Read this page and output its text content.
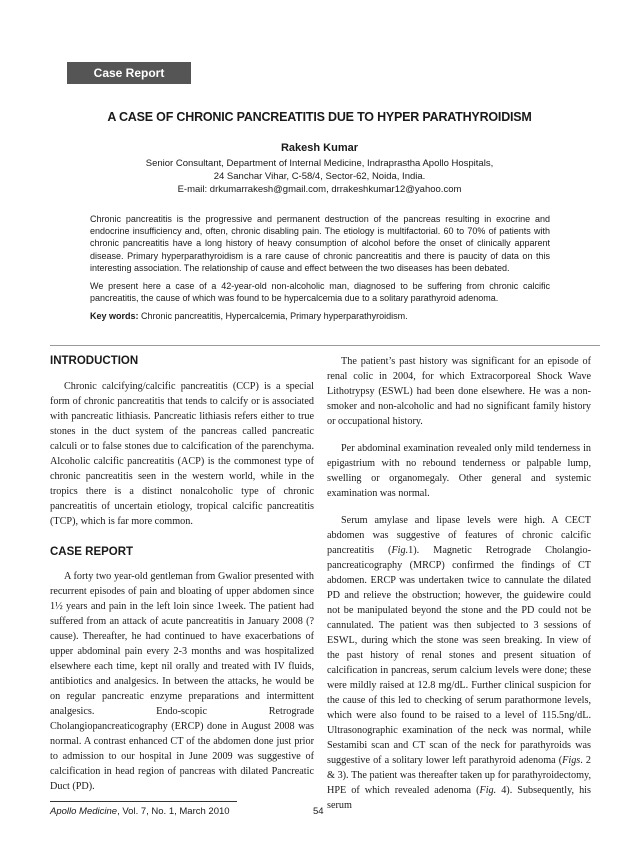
Case Report
A CASE OF CHRONIC PANCREATITIS DUE TO HYPER PARATHYROIDISM
Rakesh Kumar
Senior Consultant, Department of Internal Medicine, Indraprastha Apollo Hospitals,
24 Sanchar Vihar, C-58/4, Sector-62, Noida, India.
E-mail: drkumarrakesh@gmail.com, drrakeshkumar12@yahoo.com

Chronic pancreatitis is the progressive and permanent destruction of the pancreas resulting in exocrine and endocrine insufficiency and, often, chronic disabling pain. The etiology is multifactorial. 60 to 70% of patients with chronic pancreatitis have a long history of heavy consumption of alcohol before the onset of clinically apparent disease. Primary hyperparathyroidism is a rare cause of chronic pancreatitis and there is paucity of data on this interesting association. The relationship of cause and effect between the two diseases has been debated.

We present here a case of a 42-year-old non-alcoholic man, diagnosed to be suffering from chronic calcific pancreatitis, the cause of which was found to be hypercalcemia due to a solitary parathyroid adenoma.

Key words: Chronic pancreatitis, Hypercalcemia, Primary hyperparathyroidism.

INTRODUCTION

Chronic calcifying/calcific pancreatitis (CCP) is a special form of chronic pancreatitis that tends to calcify or is associated with pancreatic lithiasis. Pancreatic lithiasis refers either to true stones in the duct system of the pancreas called pancreatic calculi or to false stones due to calcification of the parenchyma. Alcoholic calcific pancreatitis (ACP) is the commonest type of chronic pancreatitis seen in the western world, while in the tropics there is a distinct nonalcoholic type of chronic pancreatitis of uncertain etiology, tropical calcific pancreatitis (TCP), which is far more common.

CASE REPORT

A forty two year-old gentleman from Gwalior presented with recurrent episodes of pain and bloating of upper abdomen since 1½ years and pain in the left loin since 1week. The patient had suffered from an attack of acute pancreatitis in January 2008 (?cause). Thereafter, he had continued to have exacerbations of upper abdominal pain every 2-3 months and was hospitalized elsewhere each time, kept nil orally and treated with IV fluids, antibiotics and analgesics. In between the attacks, he would be on regular pancreatic enzyme preparations and intermittent analgesics. Endo-scopic Retrograde Cholangiopancreaticography (ERCP) done in August 2008 was normal. A contrast enhanced CT of the abdomen done just prior to admission to our hospital in June 2009 was suggestive of calcification in head region of pancreas with dilated Pancreatic Duct (PD).

The patient’s past history was significant for an episode of renal colic in 2004, for which Extracorporeal Shock Wave Lithotrypsy (ESWL) had been done elsewhere. He was a non-smoker and non-alcoholic and had no significant family history or occupational history.

Per abdominal examination revealed only mild tenderness in epigastrium with no rebound tenderness or palpable lump, swelling or organomegaly. Other general and systemic examination was normal.

Serum amylase and lipase levels were high. A CECT abdomen was suggestive of features of chronic calcific pancreatitis (Fig.1). Magnetic Retrograde Cholangio-pancreaticography (MRCP) confirmed the findings of CT abdomen. ERCP was undertaken twice to cannulate the dilated PD and relieve the obstruction; however, the guidewire could not be manipulated beyond the stone and the PD could not be cannulated. The patient was then subjected to 3 sessions of ESWL, during which the stone was seen breaking. In view of the past history of renal stones and present situation of calcification in pancreas, serum calcium levels were done; these were mildly raised at 12.8 mg/dL. Further clinical suspicion for the cause of this led to checking of serum parathormone levels, which were also found to be raised to a level of 115.5ng/dL. Ultrasonographic examination of the neck was normal, while Sestamibi scan and CT scan of the neck for parathyroids was suggestive of a solitary lower left parathyroid adenoma (Figs. 2 & 3). The patient was thereafter taken up for parathyroidectomy, HPE of which revealed adenoma (Fig. 4). Subsequently, his serum

Apollo Medicine, Vol. 7, No. 1, March 2010	54
